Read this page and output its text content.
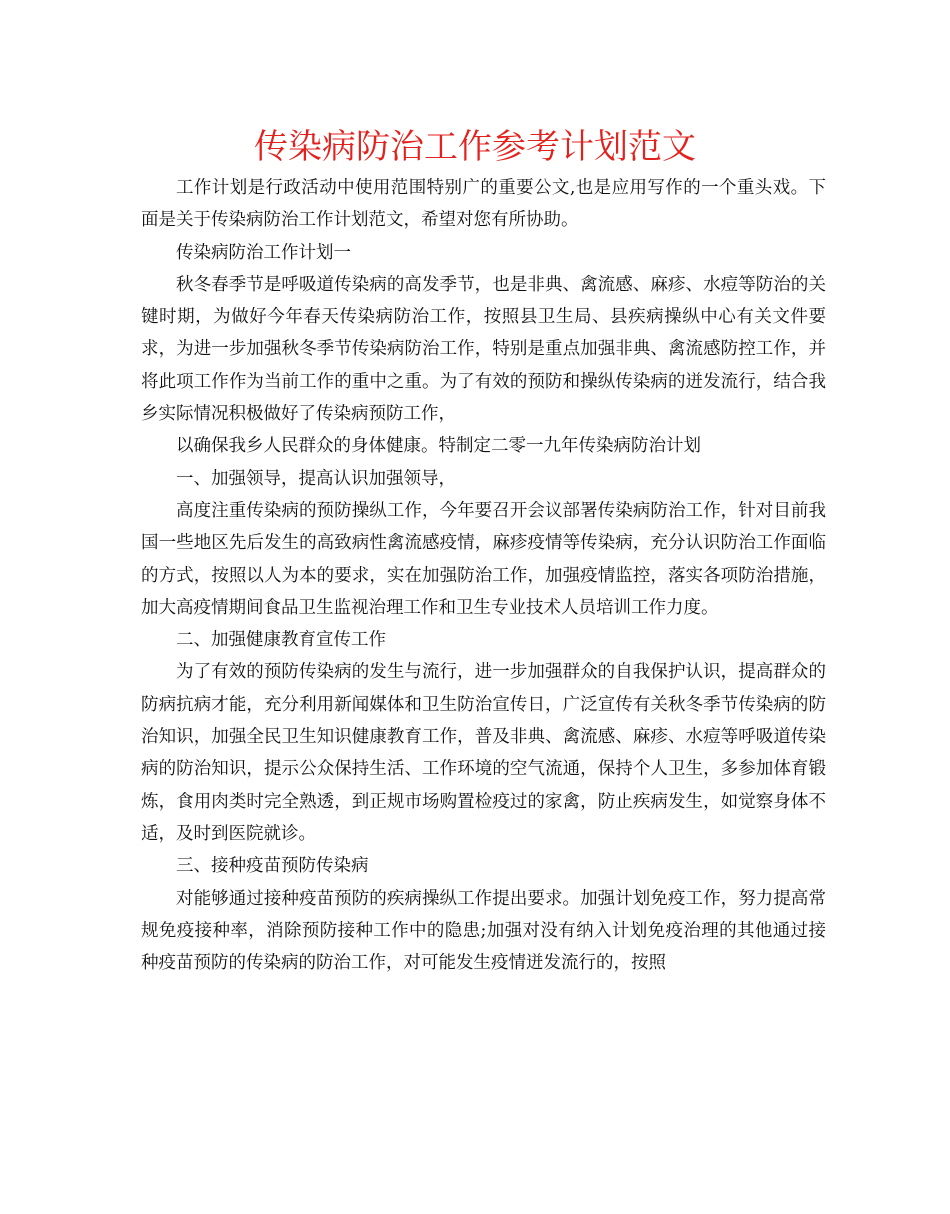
传染病防治工作参考计划范文

工作计划是行政活动中使用范围特别广的重要公文,也是应用写作的一个重头戏。下面是关于传染病防治工作计划范文，希望对您有所协助。

传染病防治工作计划一

秋冬春季节是呼吸道传染病的高发季节，也是非典、禽流感、麻疹、水痘等防治的关键时期，为做好今年春天传染病防治工作，按照县卫生局、县疾病操纵中心有关文件要求，为进一步加强秋冬季节传染病防治工作，特别是重点加强非典、禽流感防控工作，并将此项工作作为当前工作的重中之重。为了有效的预防和操纵传染病的迸发流行，结合我乡实际情况积极做好了传染病预防工作，

以确保我乡人民群众的身体健康。特制定二零一九年传染病防治计划

一、加强领导，提高认识加强领导，

高度注重传染病的预防操纵工作，今年要召开会议部署传染病防治工作，针对目前我国一些地区先后发生的高致病性禽流感疫情，麻疹疫情等传染病，充分认识防治工作面临的方式，按照以人为本的要求，实在加强防治工作，加强疫情监控，落实各项防治措施，加大高疫情期间食品卫生监视治理工作和卫生专业技术人员培训工作力度。

二、加强健康教育宣传工作

为了有效的预防传染病的发生与流行，进一步加强群众的自我保护认识，提高群众的防病抗病才能，充分利用新闻媒体和卫生防治宣传日，广泛宣传有关秋冬季节传染病的防治知识，加强全民卫生知识健康教育工作，普及非典、禽流感、麻疹、水痘等呼吸道传染病的防治知识，提示公众保持生活、工作环境的空气流通，保持个人卫生，多参加体育锻炼，食用肉类时完全熟透，到正规市场购置检疫过的家禽，防止疾病发生，如觉察身体不适，及时到医院就诊。

三、接种疫苗预防传染病

对能够通过接种疫苗预防的疾病操纵工作提出要求。加强计划免疫工作，努力提高常规免疫接种率，消除预防接种工作中的隐患;加强对没有纳入计划免疫治理的其他通过接种疫苗预防的传染病的防治工作，对可能发生疫情迸发流行的，按照
